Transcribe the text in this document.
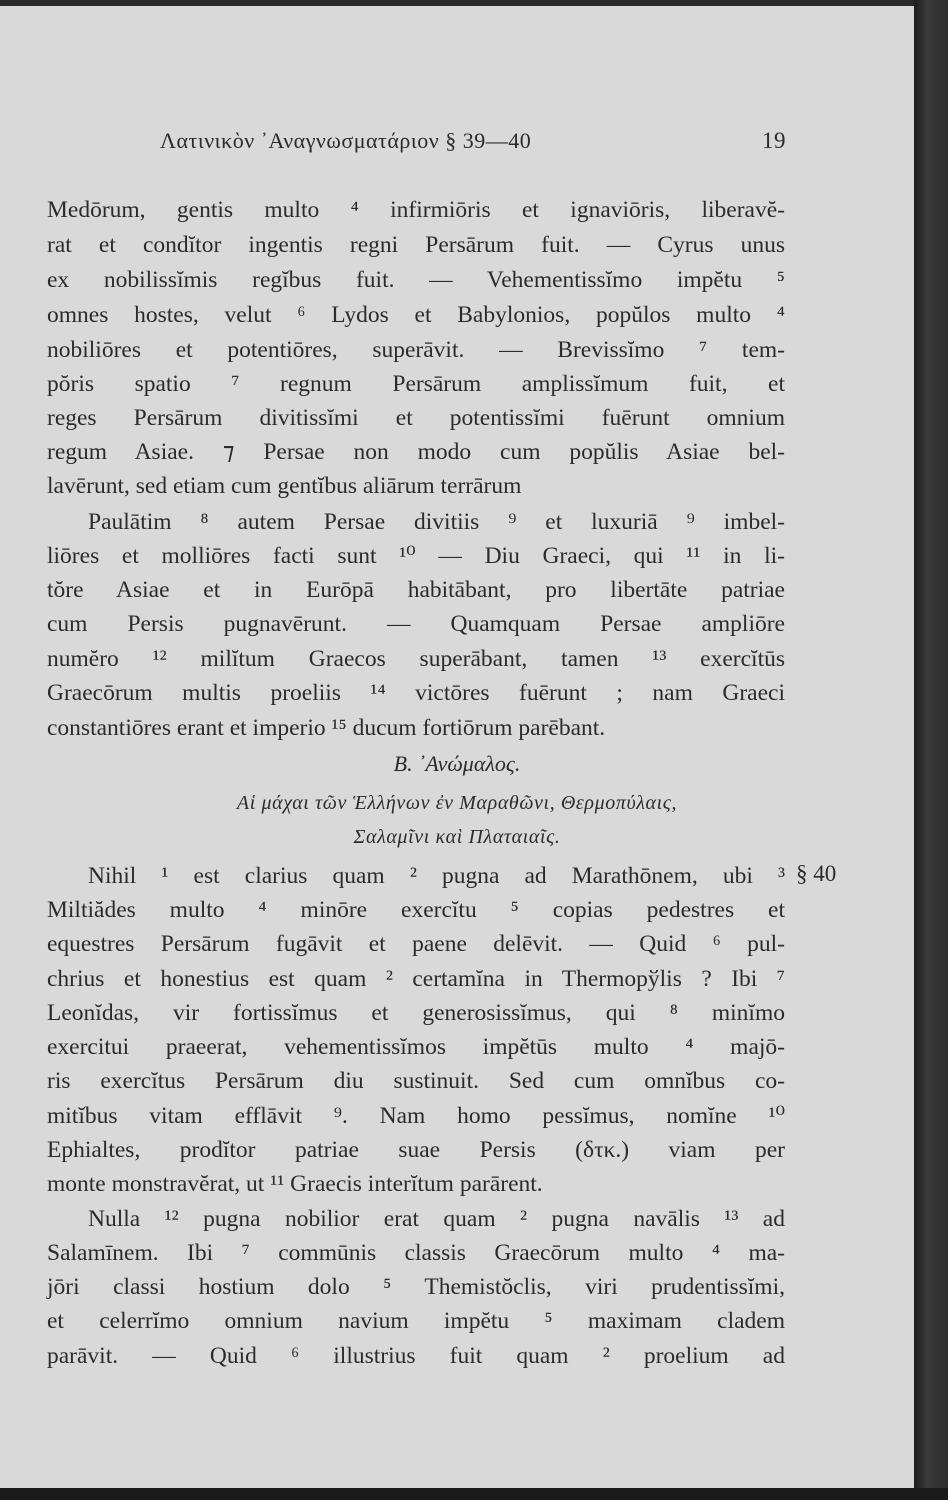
Λατινικὸν ᾿Αναγνωσματάριον § 39—40	19
Medōrum, gentis multo ⁴ infirmiōris et ignaviōris, liberavĕ-
rat et condĭtor ingentis regni Persārum fuit. — Cyrus unus
ex nobilissĭmis regĭbus fuit. — Vehementissĭmo impĕtu ⁵
omnes hostes, velut ⁶ Lydos et Babylonios, popŭlos multo ⁴
nobiliōres et potentiōres, superāvit. — Brevissĭmo ⁷ tem-
pŏris spatio ⁷ regnum Persārum amplissĭmum fuit, et
reges Persārum divitissĭmi et potentissĭmi fuērunt omnium
regum Asiae. ⁊ Persae non modo cum popŭlis Asiae bel-
lavērunt, sed etiam cum gentĭbus aliārum terrārum
Paulātim ⁸ autem Persae divitiis ⁹ et luxuriā ⁹ imbel-
liōres et molliōres facti sunt ¹⁰ — Diu Graeci, qui ¹¹ in li-
tŏre Asiae et in Eurōpā habitābant, pro libertāte patriae
cum Persis pugnavērunt. — Quamquam Persae ampliōre
numĕro ¹² milĭtum Graecos superābant, tamen ¹³ exercĭtūs
Graecōrum multis proeliis ¹⁴ victōres fuērunt ; nam Graeci
constantiōres erant et imperio ¹⁵ ducum fortiōrum parēbant.
B. ᾿Ανώμαλος.
Αἱ μάχαι τῶν Ἑλλήνων ἐν Μαραθῶνι, Θερμοπύλαις,
Σαλαμῖνι καὶ Πλαταιαῖς.
§ 40
Nihil ¹ est clarius quam ² pugna ad Marathōnem, ubi ³
Miltiădes multo ⁴ minōre exercĭtu ⁵ copias pedestres et
equestres Persārum fugāvit et paene delēvit. — Quid ⁶ pul-
chrius et honestius est quam ² certamĭna in Thermopўlis ? Ibi ⁷
Leonĭdas, vir fortissĭmus et generosissĭmus, qui ⁸ minĭmo
exercitui praeerat, vehementissĭmos impĕtūs multo ⁴ majō-
ris exercĭtus Persārum diu sustinuit. Sed cum omnĭbus co-
mitĭbus vitam efflāvit ⁹. Nam homo pessĭmus, nomĭne ¹⁰
Ephialtes, prodĭtor patriae suae Persis (δτκ.) viam per
monte monstravĕrat, ut ¹¹ Graecis interĭtum parārent.
Nulla ¹² pugna nobilior erat quam ² pugna navālis ¹³ ad
Salamīnem. Ibi ⁷ commūnis classis Graecōrum multo ⁴ ma-
jōri classi hostium dolo ⁵ Themistŏclis, viri prudentissĭmi,
et celerrĭmo omnium navium impĕtu ⁵ maximam cladem
parāvit. — Quid ⁶ illustrius fuit quam ² proelium ad
